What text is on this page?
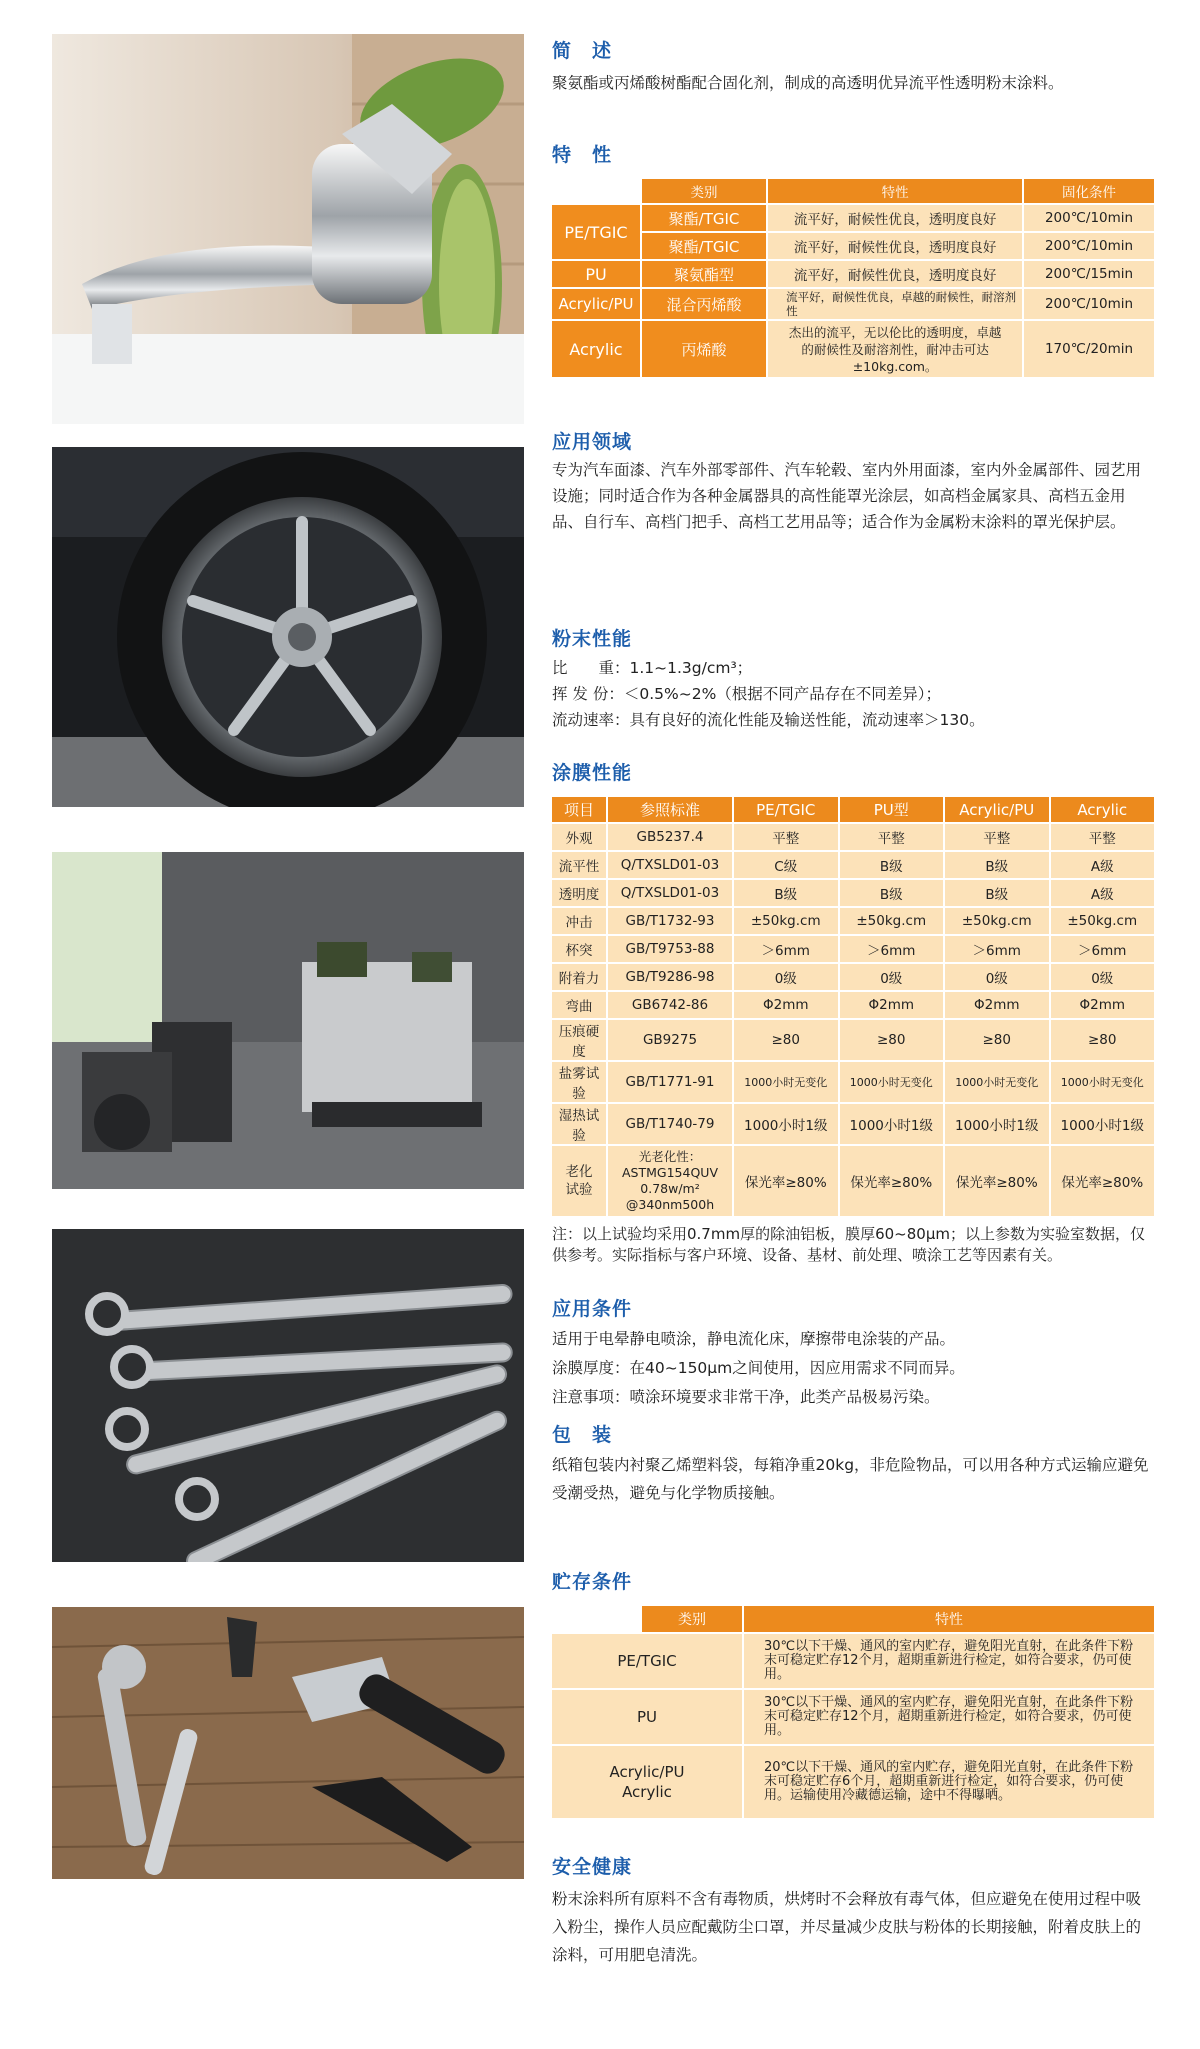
简　述

聚氨酯或丙烯酸树酯配合固化剂，制成的高透明优异流平性透明粉末涂料。

特　性
	类别	特性	固化条件
PE/TGIC	聚酯/TGIC	流平好，耐候性优良，透明度良好	200℃/10min
	聚酯/TGIC	流平好，耐候性优良，透明度良好	200℃/10min
PU	聚氨酯型	流平好，耐候性优良，透明度良好	200℃/15min
Acrylic/PU	混合丙烯酸	流平好，耐候性优良，卓越的耐候性，耐溶剂性	200℃/10min
Acrylic	丙烯酸	杰出的流平，无以伦比的透明度，卓越的耐候性及耐溶剂性，耐冲击可达±10kg.com。	170℃/20min
应用领域

专为汽车面漆、汽车外部零部件、汽车轮毂、室内外用面漆，室内外金属部件、园艺用设施；同时适合作为各种金属器具的高性能罩光涂层，如高档金属家具、高档五金用品、自行车、高档门把手、高档工艺用品等；适合作为金属粉末涂料的罩光保护层。

粉末性能

比　　重：1.1~1.3g/cm³；

挥 发 份：＜0.5%~2%（根据不同产品存在不同差异）；

流动速率：具有良好的流化性能及输送性能，流动速率＞130。

涂膜性能
项目	参照标准	PE/TGIC	PU型	Acrylic/PU	Acrylic
外观	GB5237.4	平整	平整	平整	平整
流平性	Q/TXSLD01-03	C级	B级	B级	A级
透明度	Q/TXSLD01-03	B级	B级	B级	A级
冲击	GB/T1732-93	±50kg.cm	±50kg.cm	±50kg.cm	±50kg.cm
杯突	GB/T9753-88	＞6mm	＞6mm	＞6mm	＞6mm
附着力	GB/T9286-98	0级	0级	0级	0级
弯曲	GB6742-86	Φ2mm	Φ2mm	Φ2mm	Φ2mm
压痕硬度	GB9275	≥80	≥80	≥80	≥80
盐雾试验	GB/T1771-91	1000小时无变化	1000小时无变化	1000小时无变化	1000小时无变化
湿热试验	GB/T1740-79	1000小时1级	1000小时1级	1000小时1级	1000小时1级
老化试验	光老化性：ASTMG154QUV 0.78w/m² @340nm500h	保光率≥80%	保光率≥80%	保光率≥80%	保光率≥80%

注：以上试验均采用0.7mm厚的除油铝板，膜厚60~80μm；以上参数为实验室数据，仅供参考。实际指标与客户环境、设备、基材、前处理、喷涂工艺等因素有关。

应用条件

适用于电晕静电喷涂，静电流化床，摩擦带电涂装的产品。

涂膜厚度：在40~150μm之间使用，因应用需求不同而异。

注意事项：喷涂环境要求非常干净，此类产品极易污染。

包　装

纸箱包装内衬聚乙烯塑料袋，每箱净重20kg，非危险物品，可以用各种方式运输应避免受潮受热，避免与化学物质接触。

贮存条件
	类别	特性
PE/TGIC		30℃以下干燥、通风的室内贮存，避免阳光直射，在此条件下粉末可稳定贮存12个月，超期重新进行检定，如符合要求，仍可使用。
PU		30℃以下干燥、通风的室内贮存，避免阳光直射，在此条件下粉末可稳定贮存12个月，超期重新进行检定，如符合要求，仍可使用。
Acrylic/PU
Acrylic		20℃以下干燥、通风的室内贮存，避免阳光直射，在此条件下粉末可稳定贮存6个月，超期重新进行检定，如符合要求，仍可使用。运输使用冷藏德运输，途中不得曝晒。
安全健康

粉末涂料所有原料不含有毒物质，烘烤时不会释放有毒气体，但应避免在使用过程中吸入粉尘，操作人员应配戴防尘口罩，并尽量减少皮肤与粉体的长期接触，附着皮肤上的涂料，可用肥皂清洗。
